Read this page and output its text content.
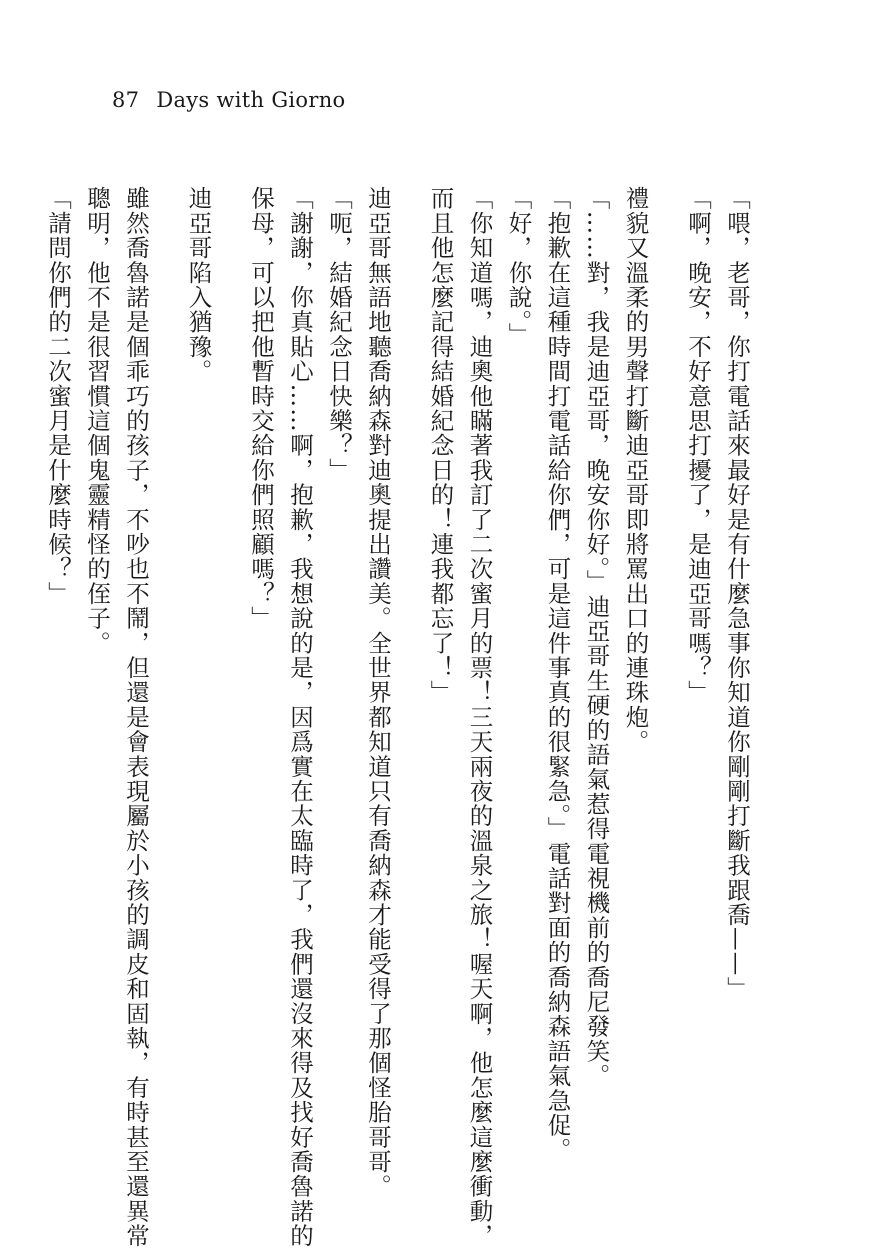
87 Days with Giorno
「喂，老哥，你打電話來最好是有什麼急事你知道你剛剛打斷我跟喬——」
「啊，晚安，不好意思打擾了，是迪亞哥嗎？」
禮貌又溫柔的男聲打斷迪亞哥即將罵出口的連珠炮。
「……對，我是迪亞哥，晚安你好。」迪亞哥生硬的語氣惹得電視機前的喬尼發笑。
「抱歉在這種時間打電話給你們，可是這件事真的很緊急。」電話對面的喬納森語氣急促。
「好，你說。」
「你知道嗎，迪奧他瞞著我訂了二次蜜月的票！三天兩夜的溫泉之旅！喔天啊，他怎麼這麼衝動，
而且他怎麼記得結婚紀念日的！連我都忘了！」
迪亞哥無語地聽喬納森對迪奧提出讚美。全世界都知道只有喬納森才能受得了那個怪胎哥哥。
「呃，結婚紀念日快樂？」
「謝謝，你真貼心……啊，抱歉，我想說的是，因爲實在太臨時了，我們還沒來得及找好喬魯諾的
保母，可以把他暫時交給你們照顧嗎？」
迪亞哥陷入猶豫。
雖然喬魯諾是個乖巧的孩子，不吵也不鬧，但還是會表現屬於小孩的調皮和固執，有時甚至還異常
聰明，他不是很習慣這個鬼靈精怪的侄子。
「請問你們的二次蜜月是什麼時候？」
